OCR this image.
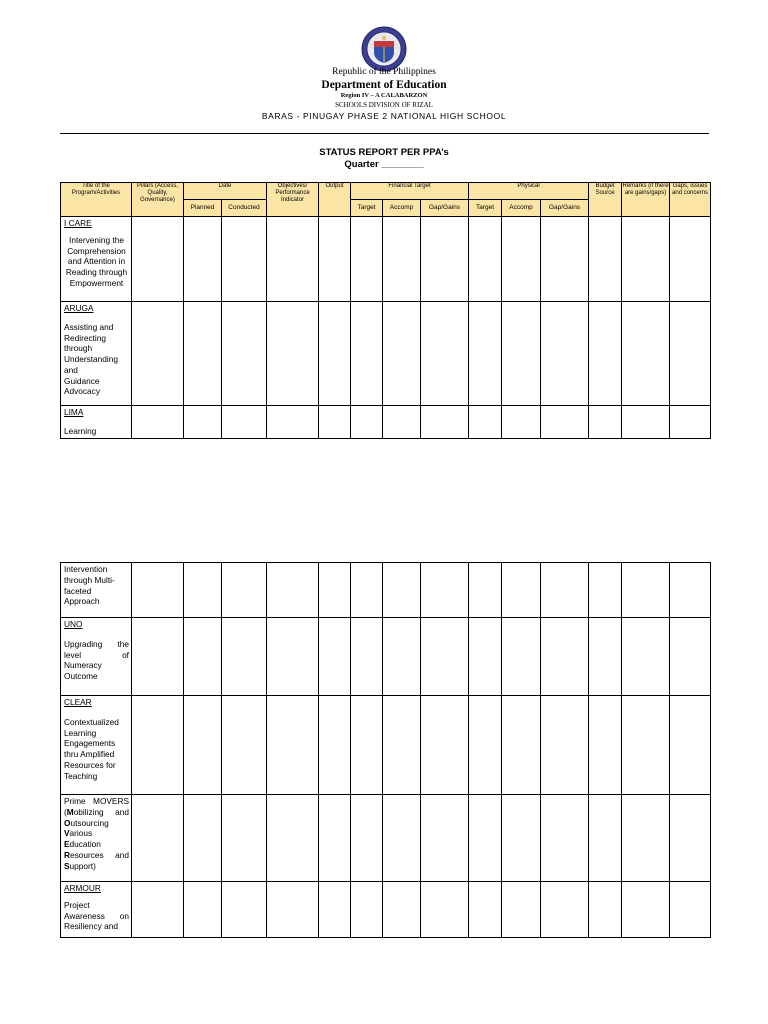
Republic of the Philippines
Department of Education
Region IV – A CALABARZON
SCHOOLS DIVISION OF RIZAL
BARAS - PINUGAY PHASE 2 NATIONAL HIGH SCHOOL
STATUS REPORT PER PPA’s
Quarter ________
Title of the Program/Activities	Pillars (Access, Quality, Governance)	Date		Objectives/ Performance Indicator	Output	Financial Target			Physical			Budget Source	Remarks (if there are gains/gaps)	Gaps, issues and concerns
		Planned	Conducted			Target	Accomp	Gap/Gains	Target	Accomp	Gap/Gains			

I CARE
Intervening the Comprehension and Attention in Reading through Empowerment														

ARUGA
Assisting and Redirecting through Understanding and Guidance Advocacy														

LIMA
Learning														

Intervention through Multi-faceted Approach														

UNO
Upgrading the level of Numeracy Outcome														

CLEAR
Contextualized Learning Engagements thru Amplified Resources for Teaching														

Prime MOVERS (Mobilizing and Outsourcing Various Education Resources and Support)														

ARMOUR
Project Awareness on Resiliency and														
